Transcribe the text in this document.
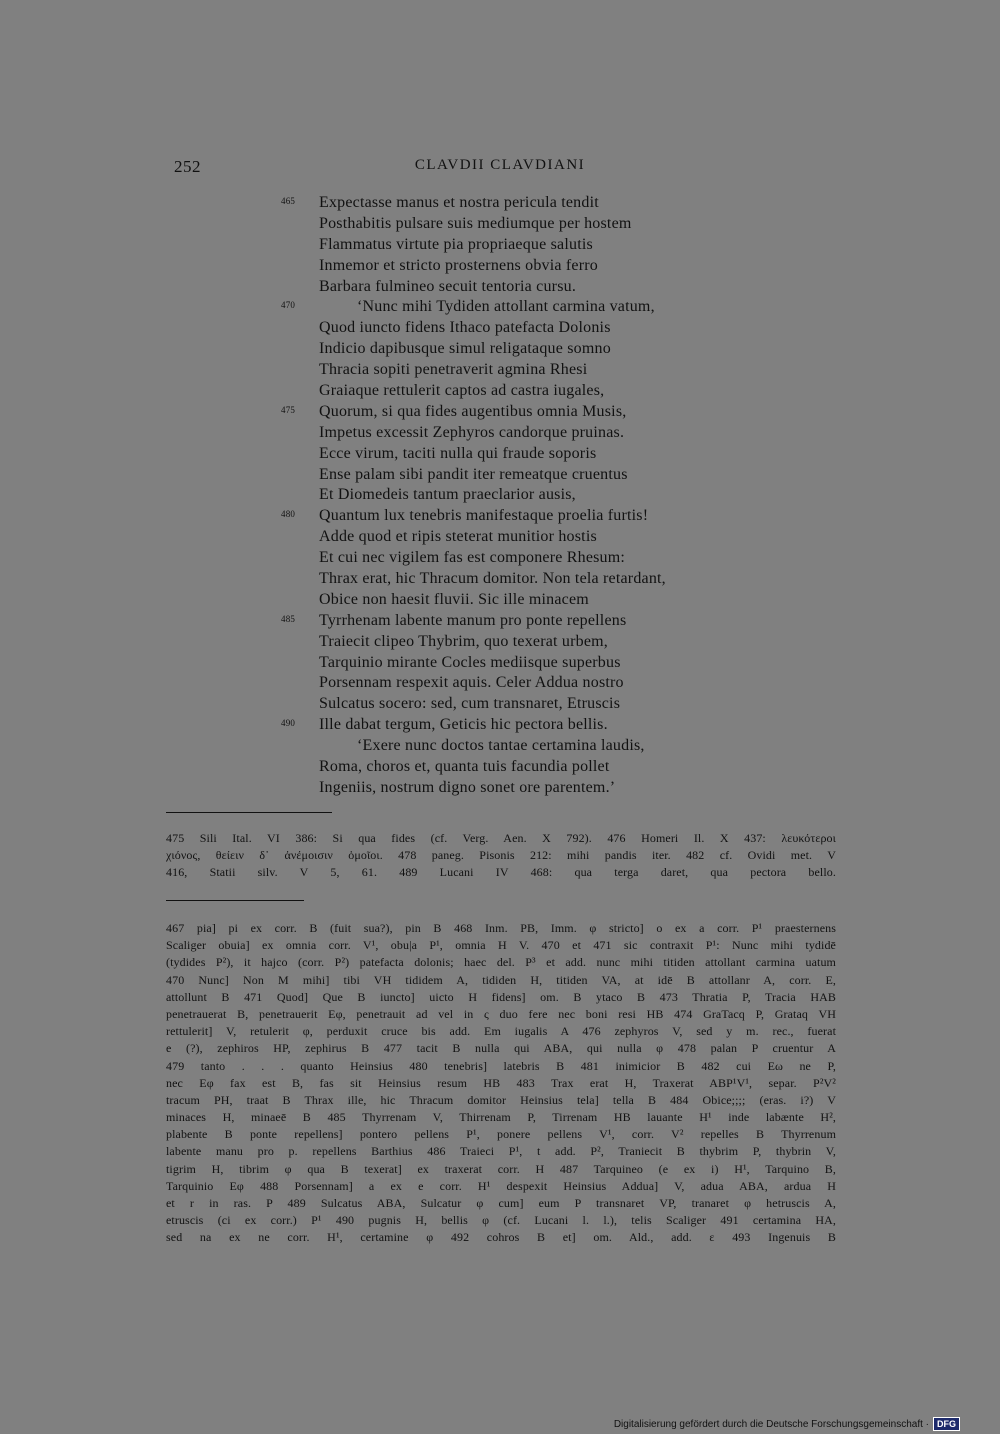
252	CLAVDII CLAVDIANI
465 Expectasse manus et nostra pericula tendit
Posthabitis pulsare suis mediumque per hostem
Flammatus virtute pia propriaeque salutis
Inmemor et stricto prosternens obvia ferro
Barbara fulmineo secuit tentoria cursu.
470	‘Nunc mihi Tydiden attollant carmina vatum,
Quod iuncto fidens Ithaco patefacta Dolonis
Indicio dapibusque simul religataque somno
Thracia sopiti penetraverit agmina Rhesi
Graiaque rettulerit captos ad castra iugales,
475 Quorum, si qua fides augentibus omnia Musis,
Impetus excessit Zephyros candorque pruinas.
Ecce virum, taciti nulla qui fraude soporis
Ense palam sibi pandit iter remeatque cruentus
Et Diomedeis tantum praeclarior ausis,
480 Quantum lux tenebris manifestaque proelia furtis!
Adde quod et ripis steterat munitior hostis
Et cui nec vigilem fas est componere Rhesum:
Thrax erat, hic Thracum domitor. Non tela retardant,
Obice non haesit fluvii. Sic ille minacem
485 Tyrrhenam labente manum pro ponte repellens
Traiecit clipeo Thybrim, quo texerat urbem,
Tarquinio mirante Cocles mediisque superbus
Porsennam respexit aquis. Celer Addua nostro
Sulcatus socero: sed, cum transnaret, Etruscis
490 Ille dabat tergum, Geticis hic pectora bellis.
‘Exere nunc doctos tantae certamina laudis,
Roma, choros et, quanta tuis facundia pollet
Ingeniis, nostrum digno sonet ore parentem.’
475 Sili Ital. VI 386: Si qua fides (cf. Verg. Aen. X 792). 476 Homeri Il. X 437: λευκότεροι
χιόνος, θείειν δ᾽ ἀνέμοισιν ὁμοῖοι. 478 paneg. Pisonis 212: mihi pandis iter. 482 cf. Ovidi met. V
416, Statii silv. V 5, 61. 489 Lucani IV 468: qua terga daret, qua pectora bello.
467 pia] pi ex corr. B (fuit sua?), pin B 468 Inm. PB, Imm. φ stricto] o ex a corr. P¹ praesternens
Scaliger obuia] ex omnia corr. V¹, obu|a P¹, omnia H V. 470 et 471 sic contraxit P¹: Nunc mihi tydidē
(tydides P²), it hajco (corr. P²) patefacta dolonis; haec del. P³ et add. nunc mihi titiden attollant carmina uatum
470 Nunc] Non M mihi] tibi VH tididem A, tididen H, titiden VA, at idē B attollanr A, corr. E,
attollunt B 471 Quod] Que B iuncto] uicto H fidens] om. B ytaco B 473 Thratia P, Tracia HAB
penetrauerat B, penetrauerit Eφ, penetrauit ad vel in ς duo fere nec boni resi HB 474 GraTacq P, Grataq VH
rettulerit] V, retulerit φ, perduxit cruce bis add. Em iugalis A 476 zephyros V, sed y m. rec., fuerat
e (?), zephiros HP, zephirus B 477 tacit B nulla qui ABA, qui nulla φ 478 palan P cruentur A
479 tanto . . . quanto Heinsius 480 tenebris] latebris B 481 inimicior B 482 cui Eω ne P,
nec Eφ fax est B, fas sit Heinsius resum HB 483 Trax erat H, Traxerat ABP¹V¹, separ. P²V²
tracum PH, traat B Thrax ille, hic Thracum domitor Heinsius tela] tella B 484 Obice;;;; (eras. i?) V
minaces H, minaeē B 485 Thyrrenam V, Thirrenam P, Tirrenam HB lauante H¹ inde labænte H²,
plabente B ponte repellens] pontero pellens P¹, ponere pellens V¹, corr. V² repelles B Thyrrenum
labente manu pro p. repellens Barthius 486 Traieci P¹, t add. P², Traniecit B thybrim P, thybrin V,
tigrim H, tibrim φ qua B texerat] ex traxerat corr. H 487 Tarquineo (e ex i) H¹, Tarquino B,
Tarquinio Eφ 488 Porsennam] a ex e corr. H¹ despexit Heinsius Addua] V, adua ABA, ardua H
et r in ras. P 489 Sulcatus ABA, Sulcatur φ cum] eum P transnaret VP, tranaret φ hetruscis A,
etruscis (ci ex corr.) P¹ 490 pugnis H, bellis φ (cf. Lucani l. l.), telis Scaliger 491 certamina HA,
sed na ex ne corr. H¹, certamine φ 492 cohros B et] om. Ald., add. ε 493 Ingenuis B
Digitalisierung gefördert durch die Deutsche Forschungsgemeinschaft · DFG
